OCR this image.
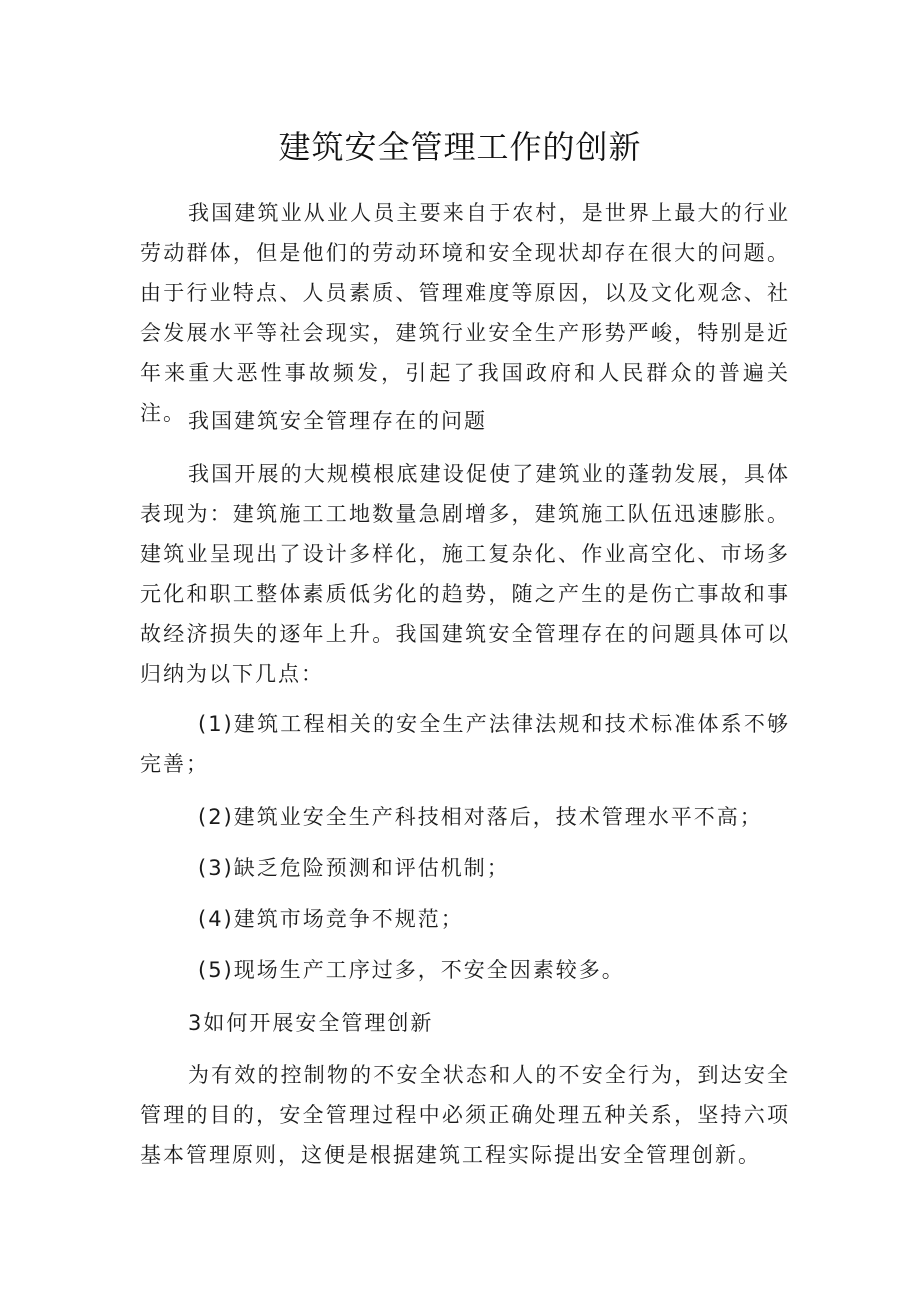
建筑安全管理工作的创新

我国建筑业从业人员主要来自于农村，是世界上最大的行业劳动群体，但是他们的劳动环境和安全现状却存在很大的问题。由于行业特点、人员素质、管理难度等原因，以及文化观念、社会发展水平等社会现实，建筑行业安全生产形势严峻，特别是近年来重大恶性事故频发，引起了我国政府和人民群众的普遍关注。 我国建筑安全管理存在的问题

我国开展的大规模根底建设促使了建筑业的蓬勃发展，具体表现为：建筑施工工地数量急剧增多，建筑施工队伍迅速膨胀。建筑业呈现出了设计多样化，施工复杂化、作业高空化、市场多元化和职工整体素质低劣化的趋势，随之产生的是伤亡事故和事故经济损失的逐年上升。我国建筑安全管理存在的问题具体可以归纳为以下几点：

(1)建筑工程相关的安全生产法律法规和技术标准体系不够完善；

(2)建筑业安全生产科技相对落后，技术管理水平不高；

(3)缺乏危险预测和评估机制；

(4)建筑市场竞争不规范；

(5)现场生产工序过多，不安全因素较多。

3如何开展安全管理创新

为有效的控制物的不安全状态和人的不安全行为，到达安全管理的目的，安全管理过程中必须正确处理五种关系，坚持六项基本管理原则，这便是根据建筑工程实际提出安全管理创新。
